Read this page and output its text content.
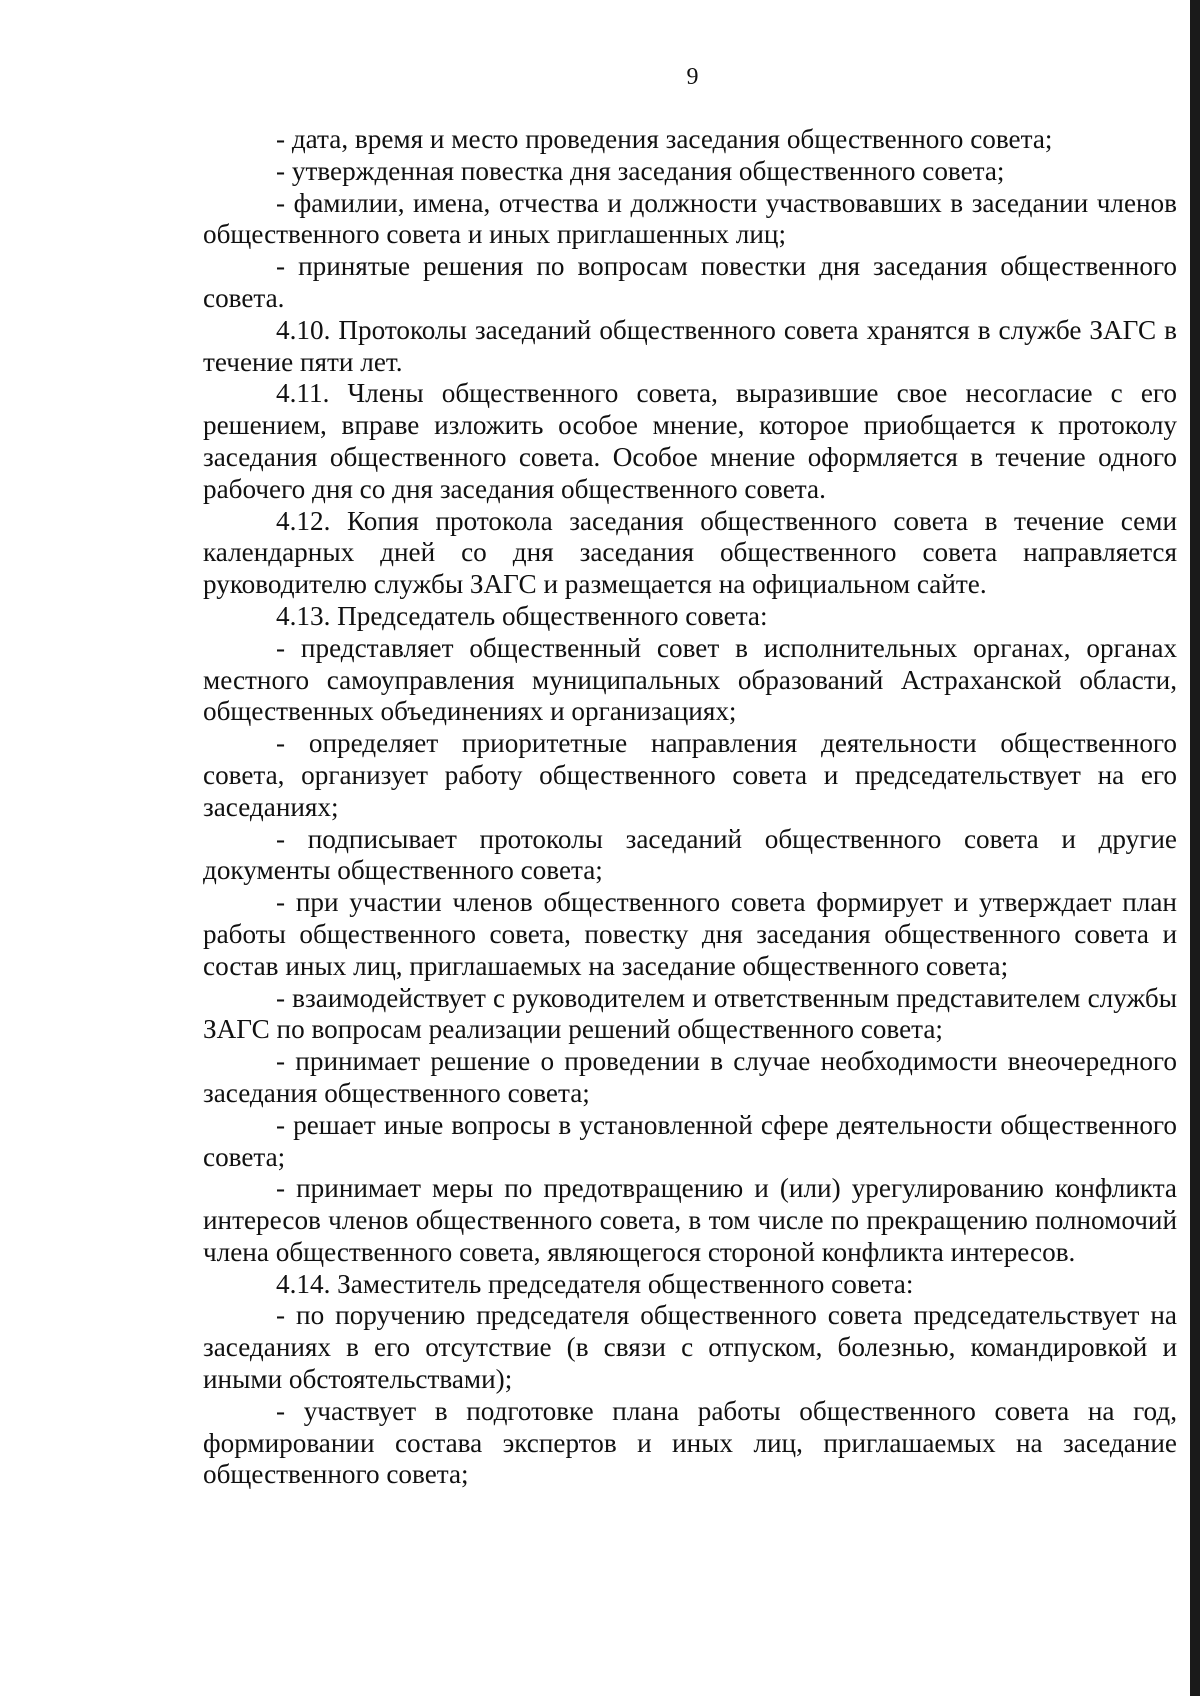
9

- дата, время и место проведения заседания общественного совета;

- утвержденная повестка дня заседания общественного совета;

- фамилии, имена, отчества и должности участвовавших в заседании членов общественного совета и иных приглашенных лиц;

- принятые решения по вопросам повестки дня заседания общественного совета.

4.10. Протоколы заседаний общественного совета хранятся в службе ЗАГС в течение пяти лет.

4.11. Члены общественного совета, выразившие свое несогласие с его решением, вправе изложить особое мнение, которое приобщается к протоколу заседания общественного совета. Особое мнение оформляется в течение одного рабочего дня со дня заседания общественного совета.

4.12. Копия протокола заседания общественного совета в течение семи календарных дней со дня заседания общественного совета направляется руководителю службы ЗАГС и размещается на официальном сайте.

4.13. Председатель общественного совета:

- представляет общественный совет в исполнительных органах, органах местного самоуправления муниципальных образований Астраханской области, общественных объединениях и организациях;

- определяет приоритетные направления деятельности общественного совета, организует работу общественного совета и председательствует на его заседаниях;

- подписывает протоколы заседаний общественного совета и другие документы общественного совета;

- при участии членов общественного совета формирует и утверждает план работы общественного совета, повестку дня заседания общественного совета и состав иных лиц, приглашаемых на заседание общественного совета;

- взаимодействует с руководителем и ответственным представителем службы ЗАГС по вопросам реализации решений общественного совета;

- принимает решение о проведении в случае необходимости внеочередного заседания общественного совета;

- решает иные вопросы в установленной сфере деятельности общественного совета;

- принимает меры по предотвращению и (или) урегулированию конфликта интересов членов общественного совета, в том числе по прекращению полномочий члена общественного совета, являющегося стороной конфликта интересов.

4.14. Заместитель председателя общественного совета:

- по поручению председателя общественного совета председательствует на заседаниях в его отсутствие (в связи с отпуском, болезнью, командировкой и иными обстоятельствами);

- участвует в подготовке плана работы общественного совета на год, формировании состава экспертов и иных лиц, приглашаемых на заседание общественного совета;
